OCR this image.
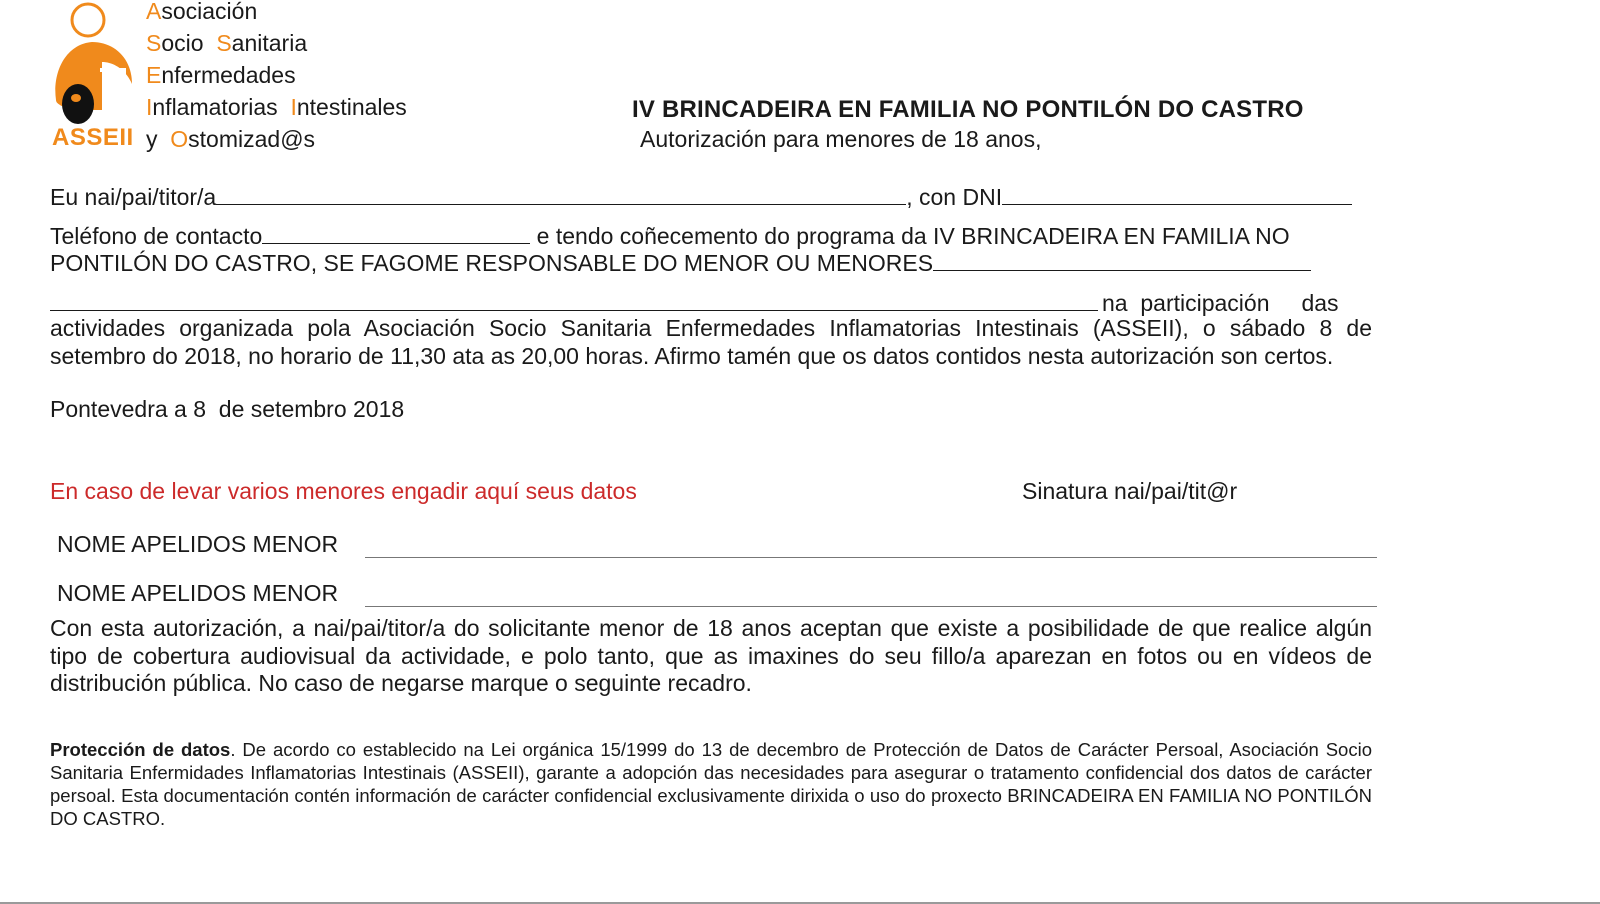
ASSEII
Asociación
Socio  Sanitaria
Enfermedades
Inflamatorias  Intestinales
y  Ostomizad@s
IV BRINCADEIRA EN FAMILIA NO PONTILÓN DO CASTRO
Autorización para menores de 18 anos,
Eu nai/pai/titor/a	, con DNI
Teléfono de contacto	e tendo coñecemento do programa da IV BRINCADEIRA EN FAMILIA NO
PONTILÓN DO CASTRO, SE FAGOME RESPONSABLE DO MENOR OU MENORES
na  participación     das
actividades organizada pola Asociación Socio Sanitaria Enfermedades Inflamatorias Intestinais (ASSEII), o sábado 8 de setembro do 2018, no horario de 11,30 ata as 20,00 horas. Afirmo tamén que os datos contidos nesta autorización son certos.
Pontevedra a 8  de setembro 2018
En caso de levar varios menores engadir aquí seus datos	Sinatura nai/pai/tit@r
NOME APELIDOS MENOR
NOME APELIDOS MENOR
Con esta autorización, a nai/pai/titor/a do solicitante menor de 18 anos aceptan que existe a posibilidade de que realice algún tipo de cobertura audiovisual da actividade, e polo tanto, que as imaxines do seu fillo/a aparezan en fotos ou en vídeos de distribución pública. No caso de negarse marque o seguinte recadro.
Protección de datos. De acordo co establecido na Lei orgánica 15/1999 do 13 de decembro de Protección de Datos de Carácter Persoal, Asociación Socio Sanitaria Enfermidades Inflamatorias Intestinais (ASSEII), garante a adopción das necesidades para asegurar o tratamento confidencial dos datos de carácter persoal. Esta documentación contén información de carácter confidencial exclusivamente dirixida o uso do proxecto BRINCADEIRA EN FAMILIA NO PONTILÓN DO CASTRO.
